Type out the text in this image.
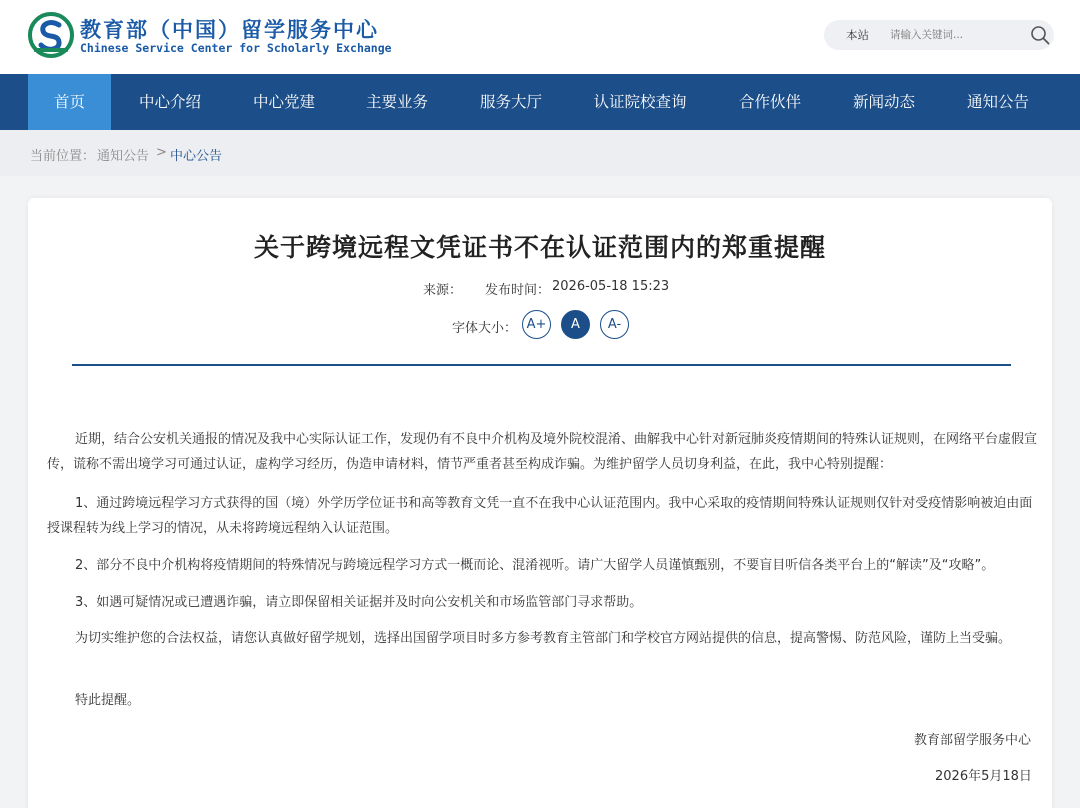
教育部（中国）留学服务中心
Chinese Service Center for Scholarly Exchange
本站
请输入关键词...
首页	中心介绍	中心党建	主要业务	服务大厅	认证院校查询	合作伙伴	新闻动态	通知公告
当前位置： 通知公告 > 中心公告
关于跨境远程文凭证书不在认证范围内的郑重提醒
来源： 发布时间： 2026-05-18 15:23
字体大小： A+	A	A-
近期，结合公安机关通报的情况及我中心实际认证工作，发现仍有不良中介机构及境外院校混淆、曲解我中心针对新冠肺炎疫情期间的特殊认证规则，在网络平台虚假宣传，谎称不需出境学习可通过认证，虚构学习经历，伪造申请材料，情节严重者甚至构成诈骗。为维护留学人员切身利益，在此，我中心特别提醒：
1、通过跨境远程学习方式获得的国（境）外学历学位证书和高等教育文凭一直不在我中心认证范围内。我中心采取的疫情期间特殊认证规则仅针对受疫情影响被迫由面授课程转为线上学习的情况，从未将跨境远程纳入认证范围。
2、部分不良中介机构将疫情期间的特殊情况与跨境远程学习方式一概而论、混淆视听。请广大留学人员谨慎甄别，不要盲目听信各类平台上的“解读”及“攻略”。
3、如遇可疑情况或已遭遇诈骗，请立即保留相关证据并及时向公安机关和市场监管部门寻求帮助。
为切实维护您的合法权益，请您认真做好留学规划，选择出国留学项目时多方参考教育主管部门和学校官方网站提供的信息，提高警惕、防范风险，谨防上当受骗。
特此提醒。
教育部留学服务中心
2026年5月18日
